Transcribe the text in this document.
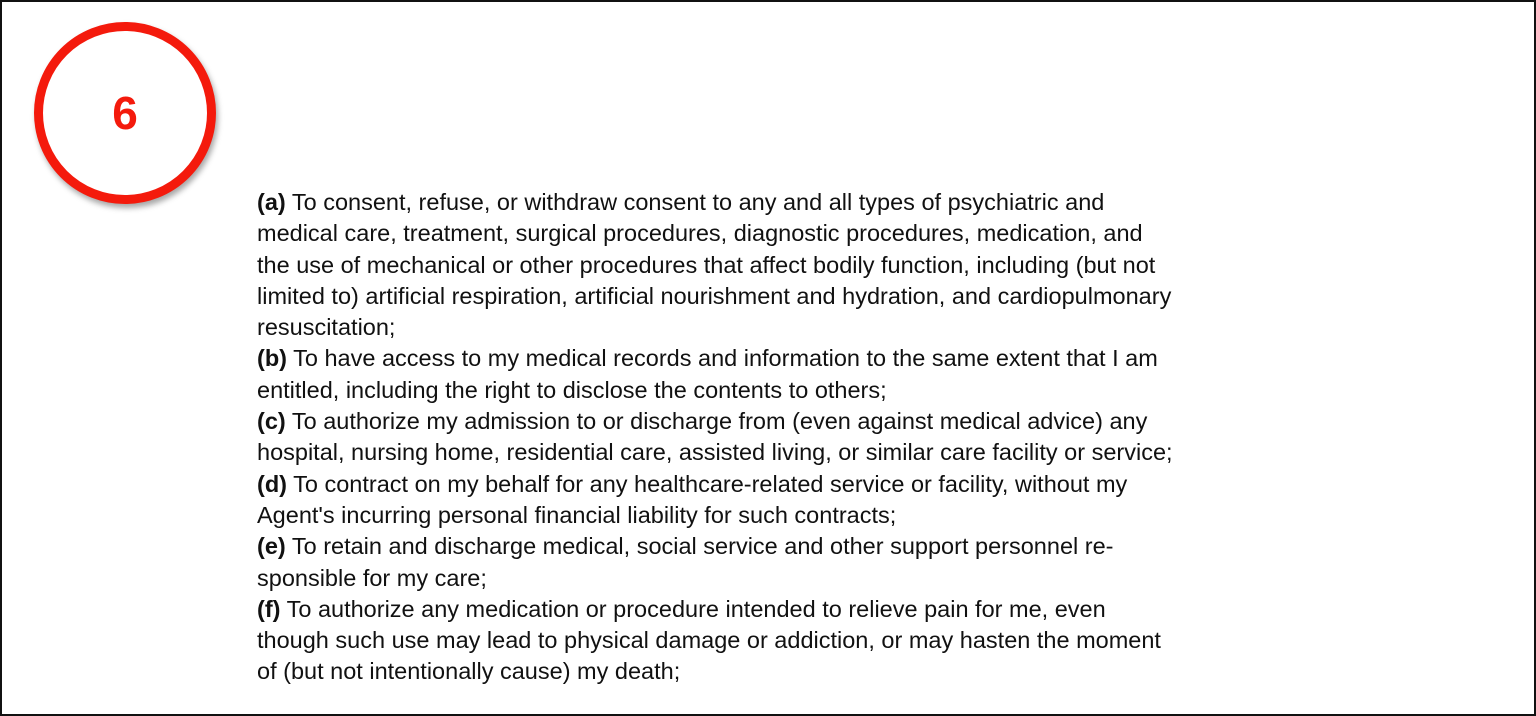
6
(a) To consent, refuse, or withdraw consent to any and all types of psychiatric and
medical care, treatment, surgical procedures, diagnostic procedures, medication, and
the use of mechanical or other procedures that affect bodily function, including (but not
limited to) artificial respiration, artificial nourishment and hydration, and cardiopulmonary
resuscitation;
(b) To have access to my medical records and information to the same extent that I am
entitled, including the right to disclose the contents to others;
(c) To authorize my admission to or discharge from (even against medical advice) any
hospital, nursing home, residential care, assisted living, or similar care facility or service;
(d) To contract on my behalf for any healthcare-related service or facility, without my
Agent's incurring personal financial liability for such contracts;
(e) To retain and discharge medical, social service and other support personnel re-
sponsible for my care;
(f) To authorize any medication or procedure intended to relieve pain for me, even
though such use may lead to physical damage or addiction, or may hasten the moment
of (but not intentionally cause) my death;
